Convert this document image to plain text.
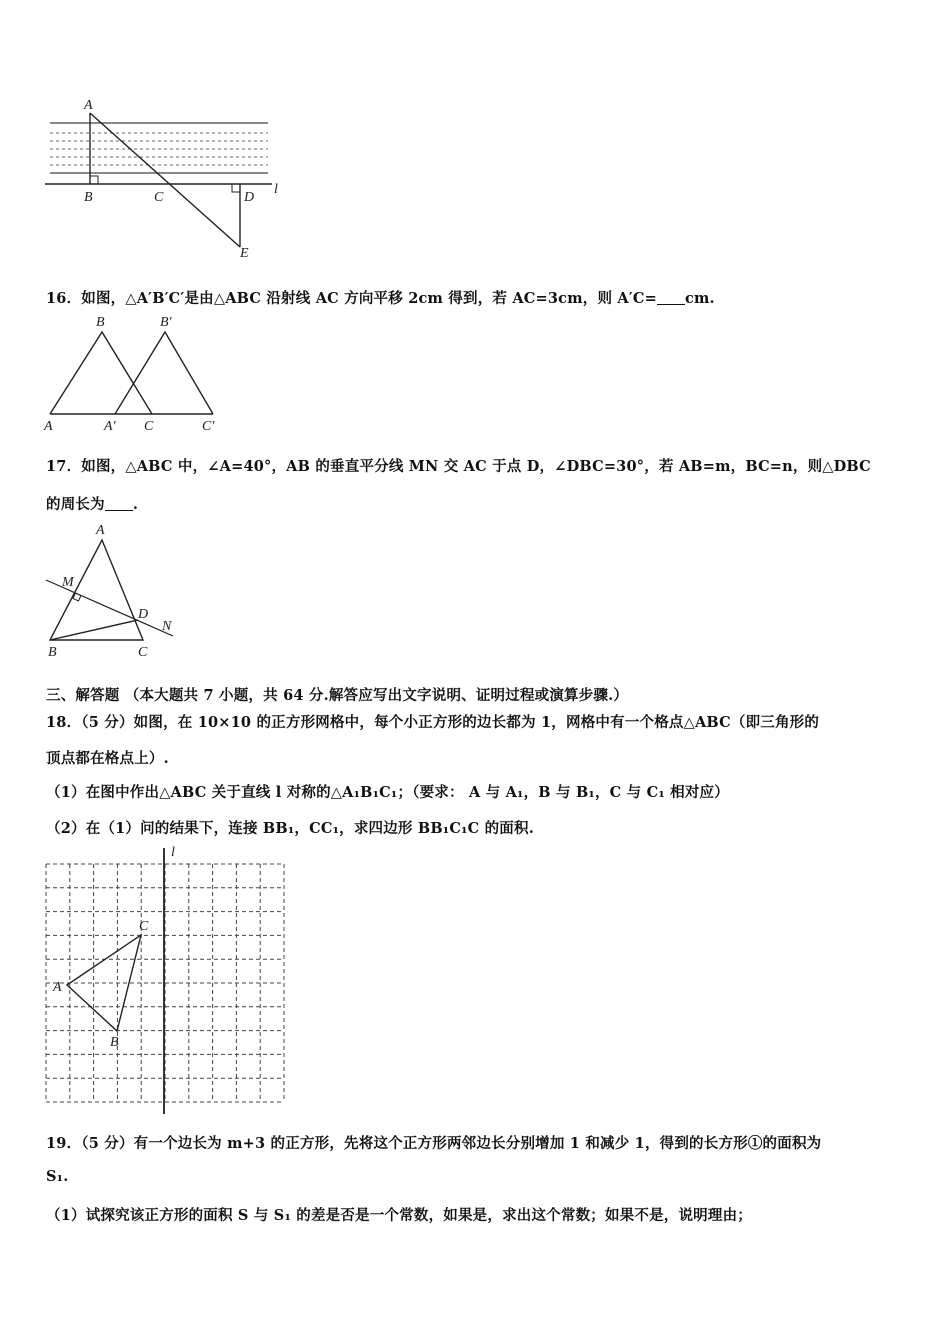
A
B	C	D
E
l
16．如图，△A′B′C′是由△ABC 沿射线 AC 方向平移 2cm 得到，若 AC=3cm，则 A′C= cm.
B	B′
A	A′ C	C′
17．如图，△ABC 中，∠A=40°，AB 的垂直平分线 MN 交 AC 于点 D，∠DBC=30°，若 AB=m，BC=n，则△DBC
的周长为 .
A
M
D
N
B	C
三、解答题 （本大题共 7 小题，共 64 分.解答应写出文字说明、证明过程或演算步骤.）
18．（5 分）如图，在 10×10 的正方形网格中，每个小正方形的边长都为 1，网格中有一个格点△ABC（即三角形的
顶点都在格点上）.
（1）在图中作出△ABC 关于直线 l 对称的△A₁B₁C₁；（要求： A 与 A₁，B 与 B₁，C 与 C₁ 相对应）
（2）在（1）问的结果下，连接 BB₁，CC₁，求四边形 BB₁C₁C 的面积.
l
C
A
B
19．（5 分）有一个边长为 m+3 的正方形，先将这个正方形两邻边长分别增加 1 和减少 1，得到的长方形①的面积为
S₁.
（1）试探究该正方形的面积 S 与 S₁ 的差是否是一个常数，如果是，求出这个常数；如果不是，说明理由；
